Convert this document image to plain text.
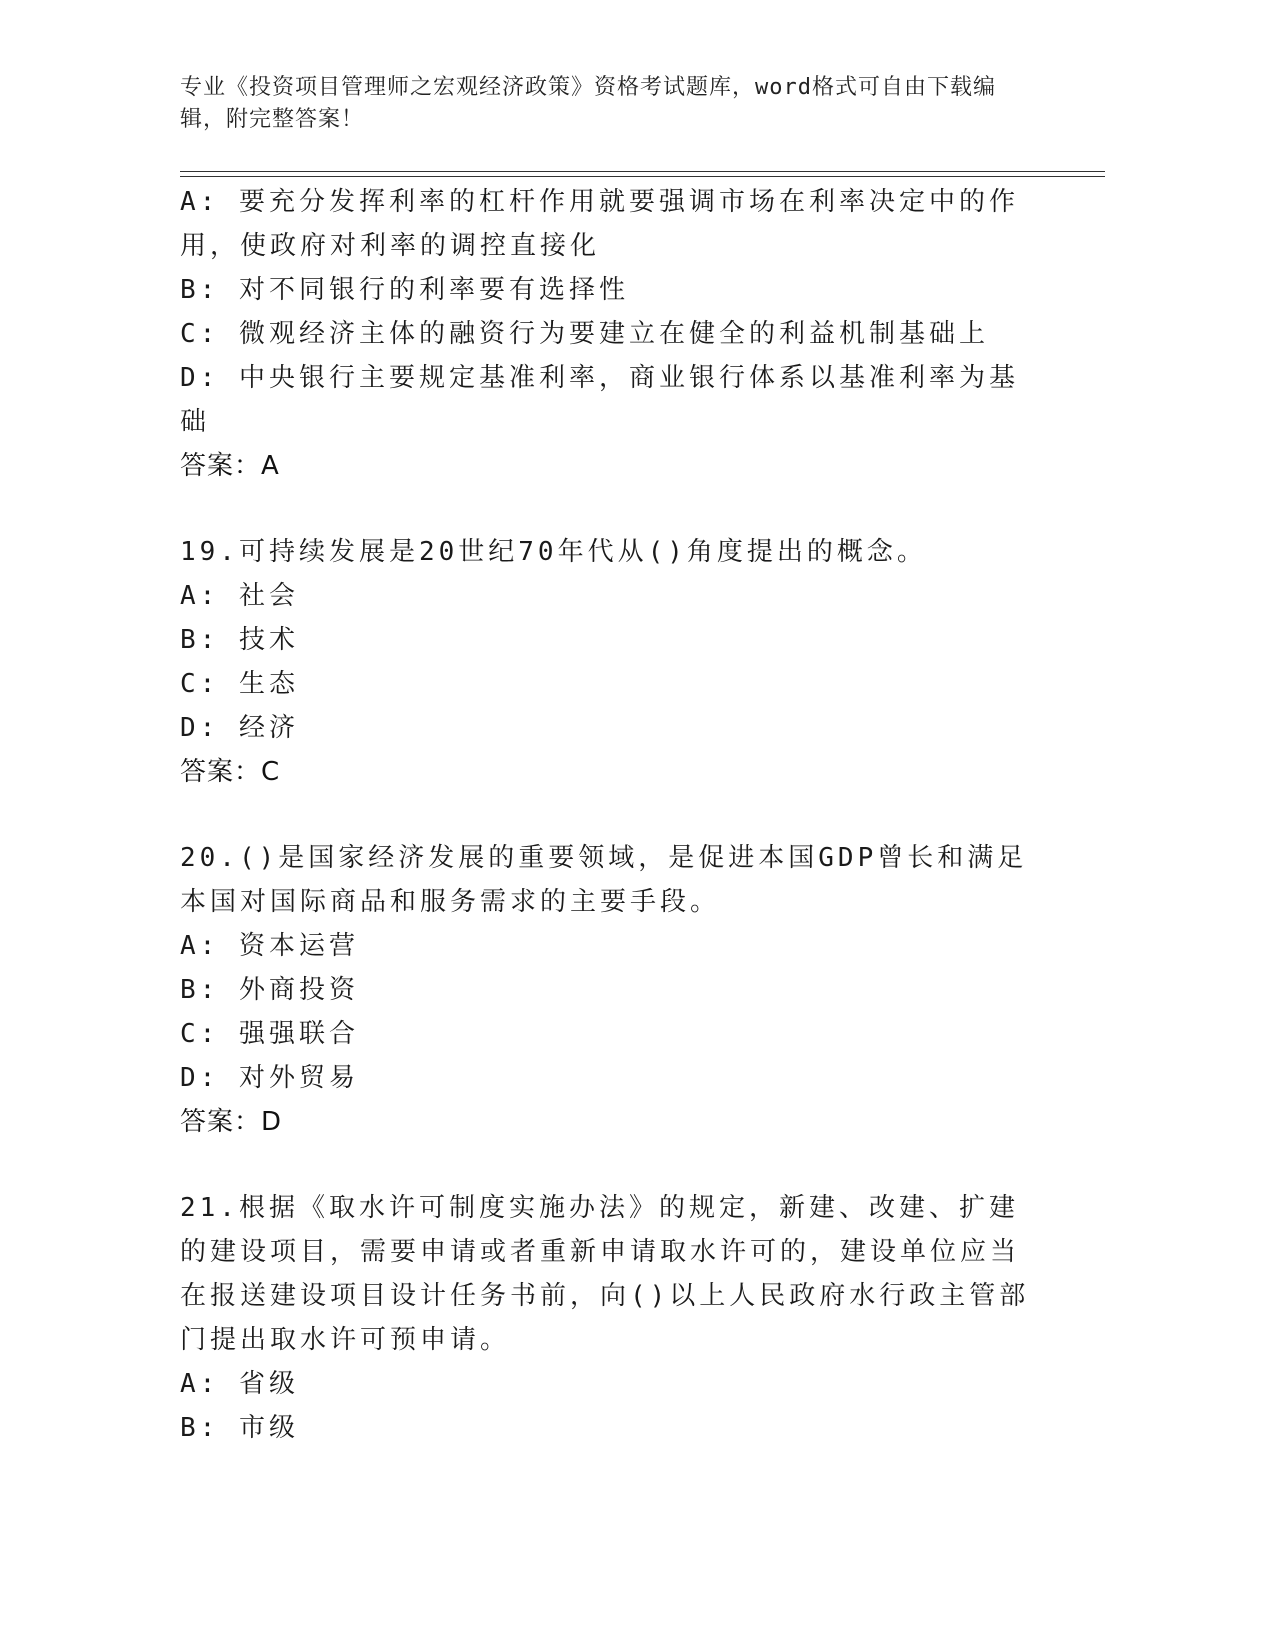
专业《投资项目管理师之宏观经济政策》资格考试题库，word格式可自由下载编辑，附完整答案！

A: 要充分发挥利率的杠杆作用就要强调市场在利率决定中的作用，使政府对利率的调控直接化

B: 对不同银行的利率要有选择性

C: 微观经济主体的融资行为要建立在健全的利益机制基础上

D: 中央银行主要规定基准利率，商业银行体系以基准利率为基础

答案：A

19.可持续发展是20世纪70年代从()角度提出的概念。

A: 社会

B: 技术

C: 生态

D: 经济

答案：C

20.()是国家经济发展的重要领域，是促进本国GDP曾长和满足本国对国际商品和服务需求的主要手段。

A: 资本运营

B: 外商投资

C: 强强联合

D: 对外贸易

答案：D

21.根据《取水许可制度实施办法》的规定，新建、改建、扩建的建设项目，需要申请或者重新申请取水许可的，建设单位应当在报送建设项目设计任务书前，向()以上人民政府水行政主管部门提出取水许可预申请。

A: 省级

B: 市级
